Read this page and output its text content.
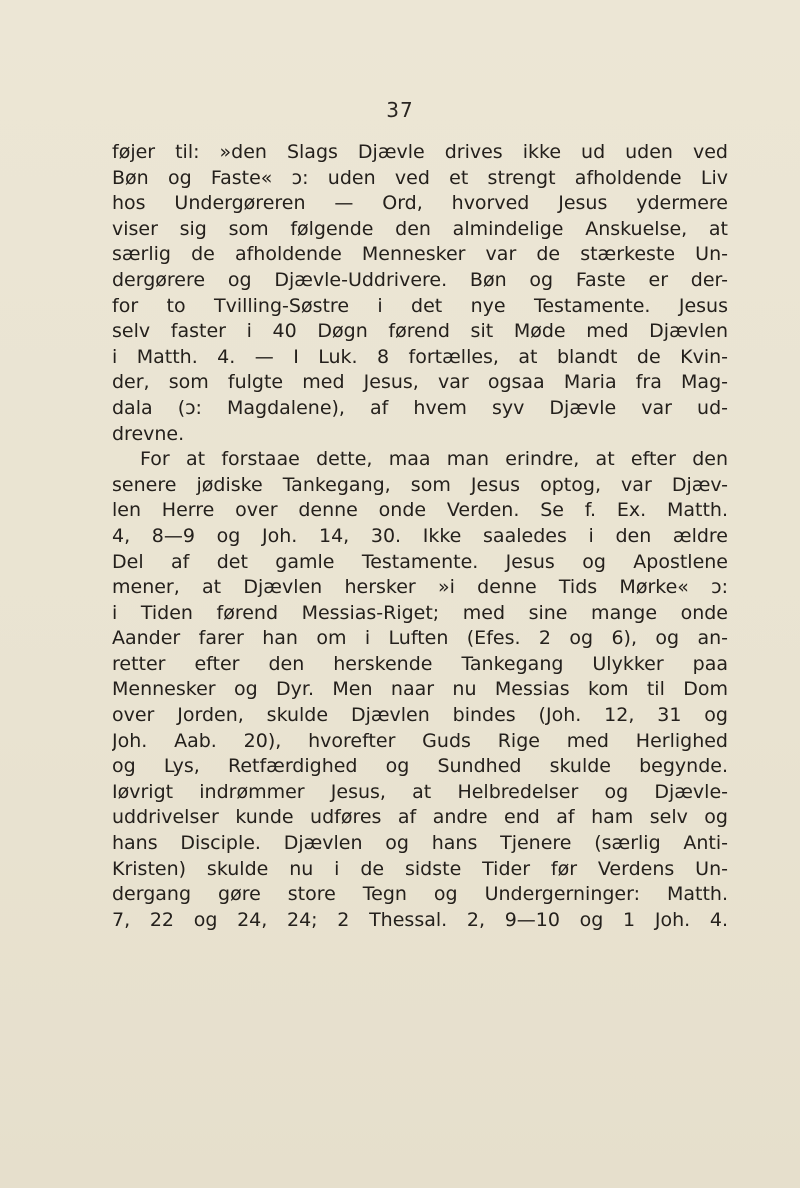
37
føjer til: »den Slags Djævle drives ikke ud uden ved
Bøn og Faste« ɔ: uden ved et strengt afholdende Liv
hos Undergøreren — Ord, hvorved Jesus ydermere
viser sig som følgende den almindelige Anskuelse, at
særlig de afholdende Mennesker var de stærkeste Un-
dergørere og Djævle-Uddrivere. Bøn og Faste er der-
for to Tvilling-Søstre i det nye Testamente. Jesus
selv faster i 40 Døgn førend sit Møde med Djævlen
i Matth. 4. — I Luk. 8 fortælles, at blandt de Kvin-
der, som fulgte med Jesus, var ogsaa Maria fra Mag-
dala (ɔ: Magdalene), af hvem syv Djævle var ud-
drevne.
For at forstaae dette, maa man erindre, at efter den
senere jødiske Tankegang, som Jesus optog, var Djæv-
len Herre over denne onde Verden. Se f. Ex. Matth.
4, 8—9 og Joh. 14, 30. Ikke saaledes i den ældre
Del af det gamle Testamente. Jesus og Apostlene
mener, at Djævlen hersker »i denne Tids Mørke« ɔ:
i Tiden førend Messias-Riget; med sine mange onde
Aander farer han om i Luften (Efes. 2 og 6), og an-
retter efter den herskende Tankegang Ulykker paa
Mennesker og Dyr. Men naar nu Messias kom til Dom
over Jorden, skulde Djævlen bindes (Joh. 12, 31 og
Joh. Aab. 20), hvorefter Guds Rige med Herlighed
og Lys, Retfærdighed og Sundhed skulde begynde.
Iøvrigt indrømmer Jesus, at Helbredelser og Djævle-
uddrivelser kunde udføres af andre end af ham selv og
hans Disciple. Djævlen og hans Tjenere (særlig Anti-
Kristen) skulde nu i de sidste Tider før Verdens Un-
dergang gøre store Tegn og Undergerninger: Matth.
7, 22 og 24, 24; 2 Thessal. 2, 9—10 og 1 Joh. 4.
